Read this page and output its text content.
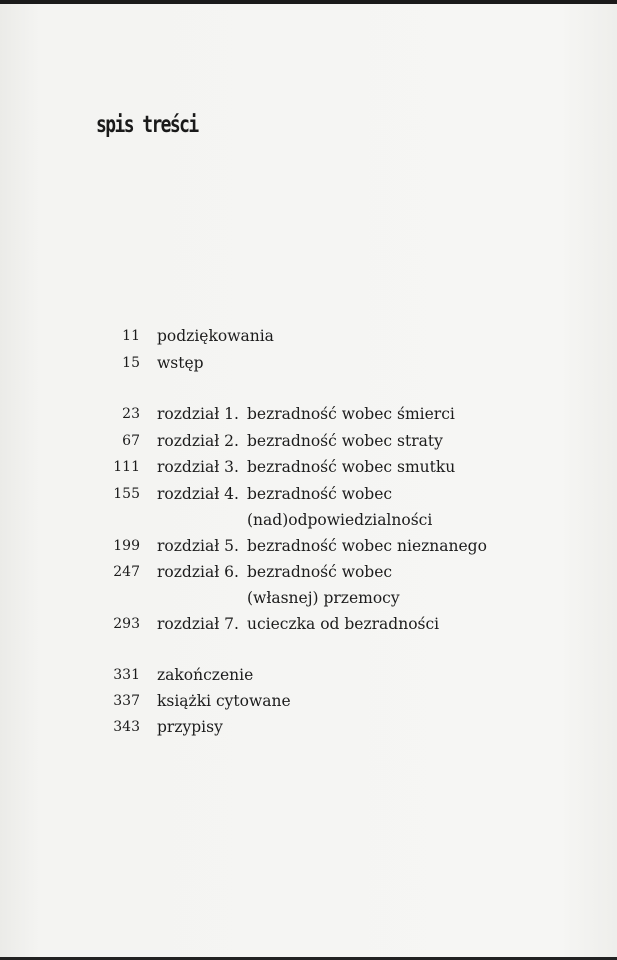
spis treści
11 podziękowania
15 wstęp
23 rozdział 1. bezradność wobec śmierci
67 rozdział 2. bezradność wobec straty
111 rozdział 3. bezradność wobec smutku
155 rozdział 4. bezradność wobec
(nad)odpowiedzialności
199 rozdział 5. bezradność wobec nieznanego
247 rozdział 6. bezradność wobec
(własnej) przemocy
293 rozdział 7. ucieczka od bezradności
331 zakończenie
337 książki cytowane
343 przypisy
